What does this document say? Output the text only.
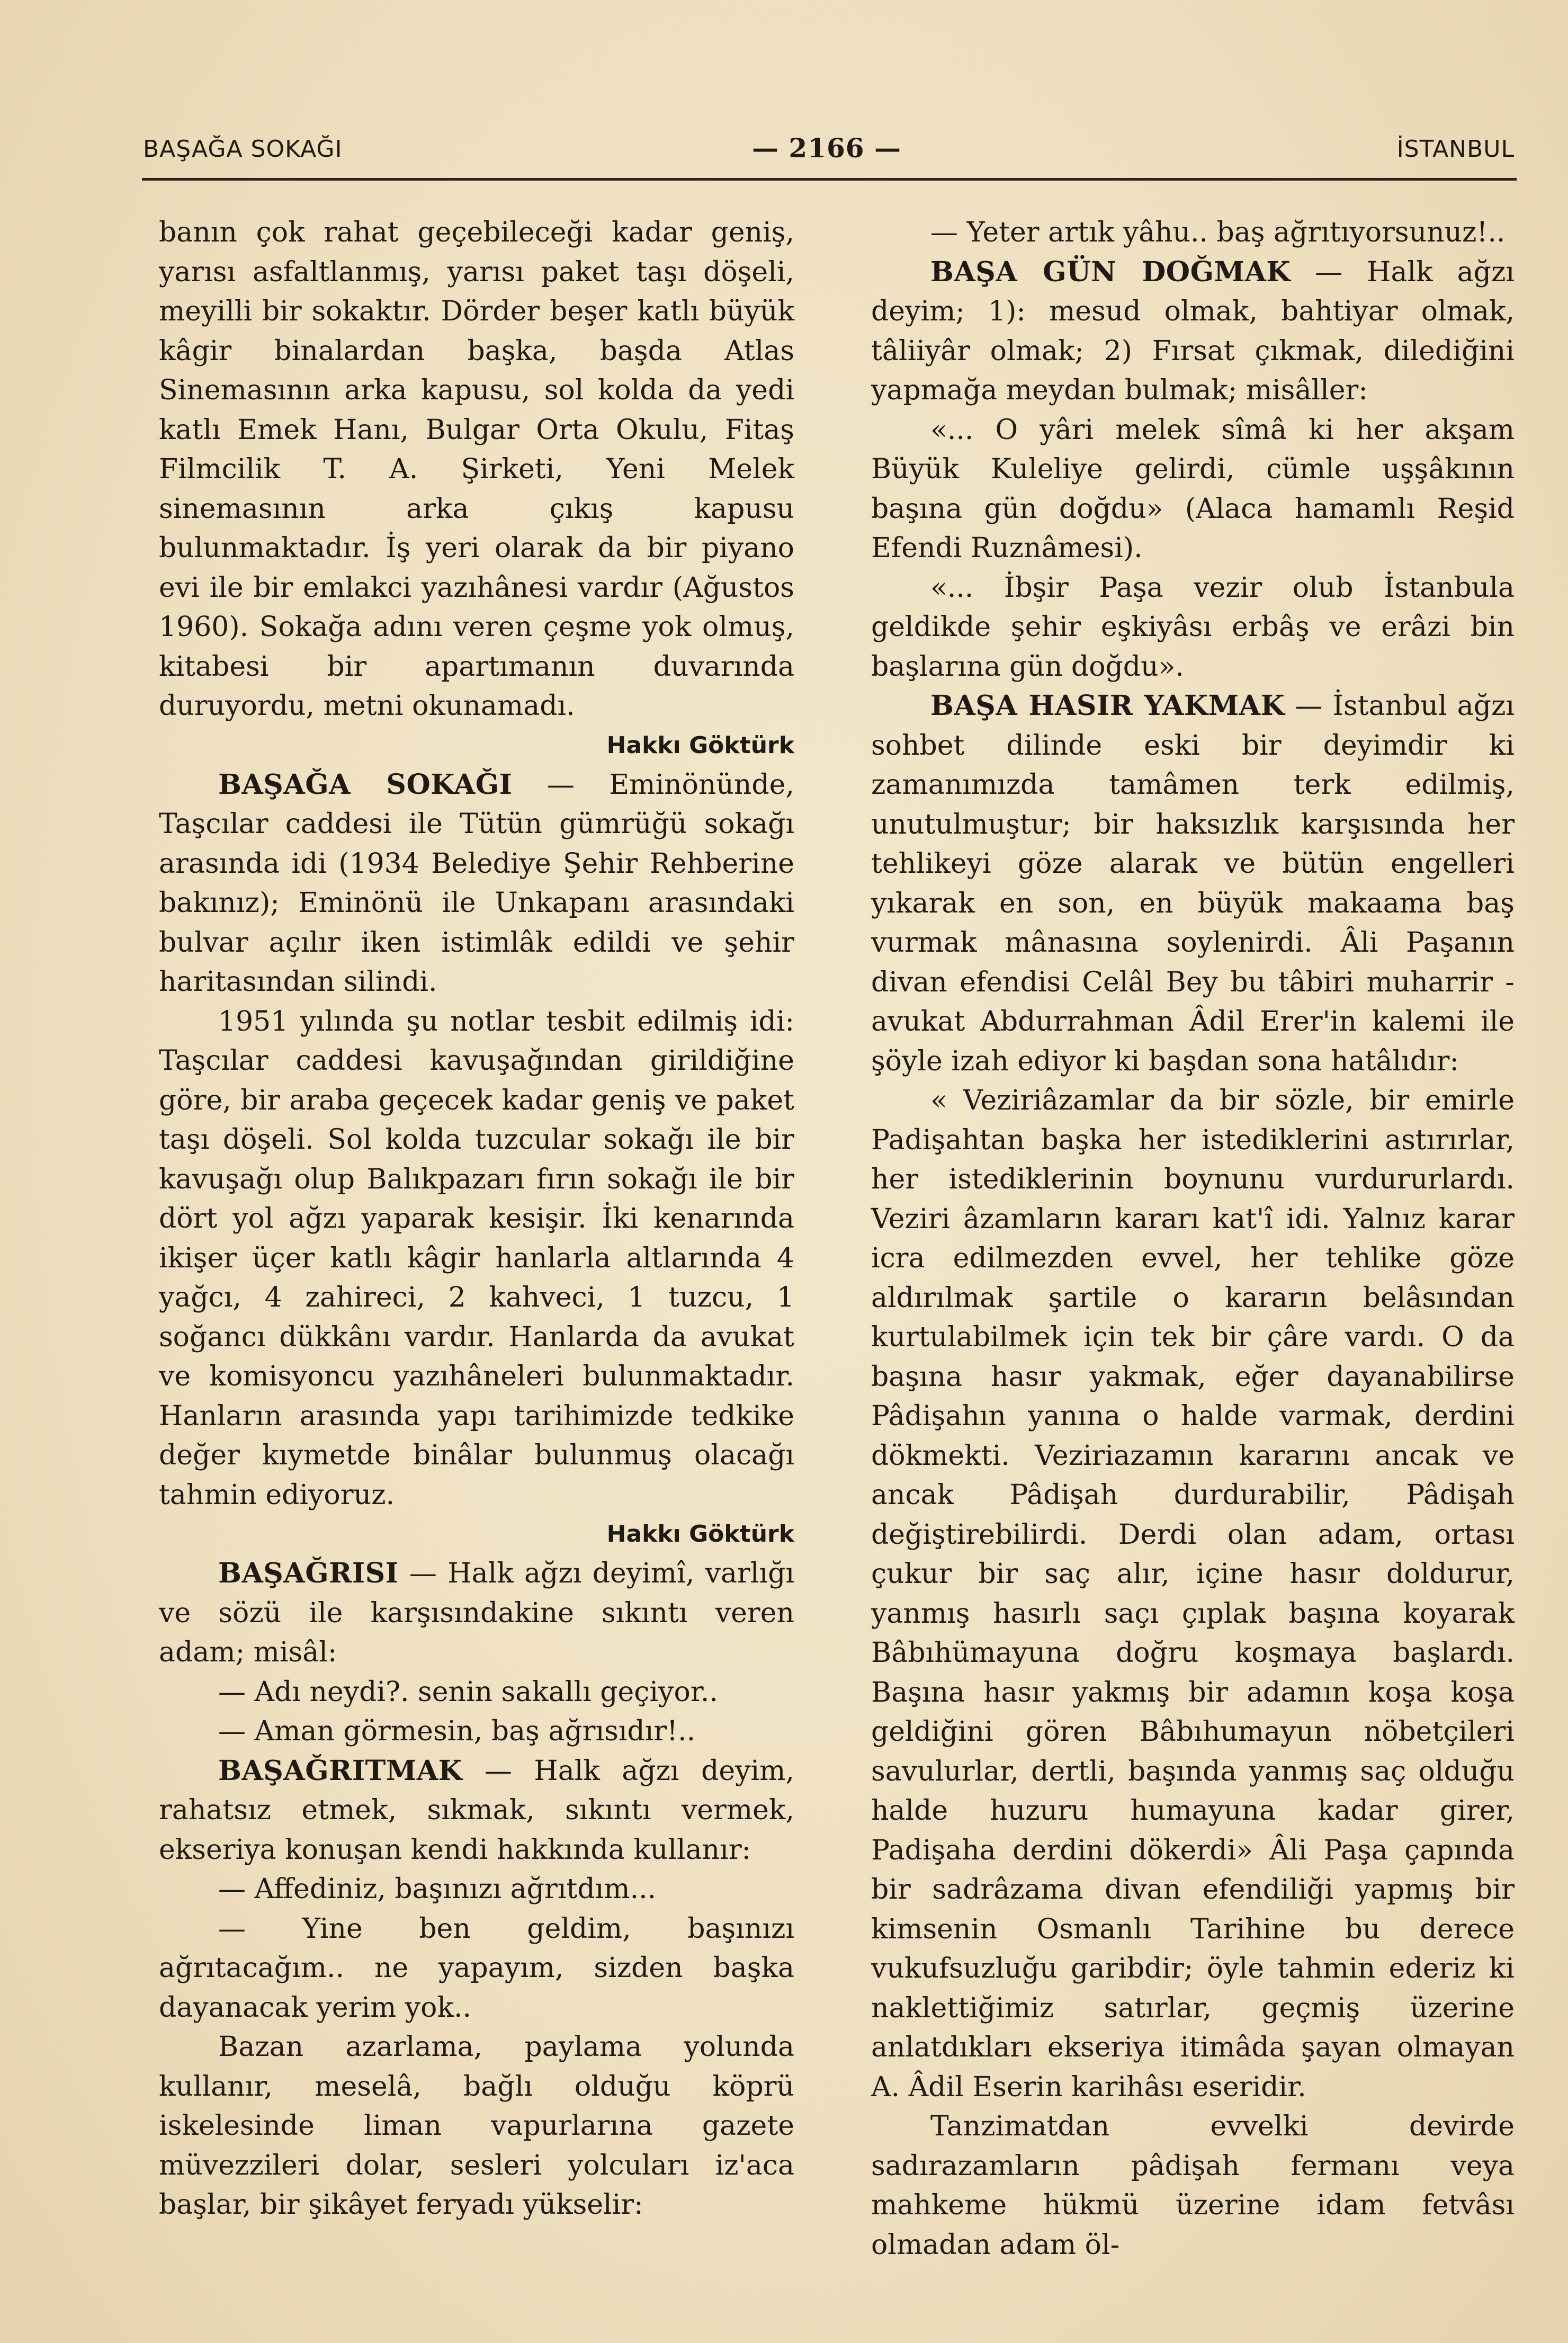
BAŞAĞA SOKAĞI	— 2166 —	İSTANBUL

banın çok rahat geçebileceği kadar geniş, yarısı asfaltlanmış, yarısı paket taşı döşeli, meyilli bir sokaktır. Dörder beşer katlı büyük kâgir binalardan başka, başda Atlas Sinemasının arka kapusu, sol kolda da yedi katlı Emek Hanı, Bulgar Orta Okulu, Fitaş Filmcilik T. A. Şirketi, Yeni Melek sinemasının arka çıkış kapusu bulunmaktadır. İş yeri olarak da bir piyano evi ile bir emlakci yazıhânesi vardır (Ağustos 1960). Sokağa adını veren çeşme yok olmuş, kitabesi bir apartımanın duvarında duruyordu, metni okunamadı.

Hakkı Göktürk

BAŞAĞA SOKAĞI — Eminönünde, Taşcılar caddesi ile Tütün gümrüğü sokağı arasında idi (1934 Belediye Şehir Rehberine bakınız); Eminönü ile Unkapanı arasındaki bulvar açılır iken istimlâk edildi ve şehir haritasından silindi.

1951 yılında şu notlar tesbit edilmiş idi: Taşcılar caddesi kavuşağından girildiğine göre, bir araba geçecek kadar geniş ve paket taşı döşeli. Sol kolda tuzcular sokağı ile bir kavuşağı olup Balıkpazarı fırın sokağı ile bir dört yol ağzı yaparak kesişir. İki kenarında ikişer üçer katlı kâgir hanlarla altlarında 4 yağcı, 4 zahireci, 2 kahveci, 1 tuzcu, 1 soğancı dükkânı vardır. Hanlarda da avukat ve komisyoncu yazıhâneleri bulunmaktadır. Hanların arasında yapı tarihimizde tedkike değer kıymetde binâlar bulunmuş olacağı tahmin ediyoruz.

Hakkı Göktürk

BAŞAĞRISI — Halk ağzı deyimî, varlığı ve sözü ile karşısındakine sıkıntı veren adam; misâl:

— Adı neydi?. senin sakallı geçiyor..

— Aman görmesin, baş ağrısıdır!..

BAŞAĞRITMAK — Halk ağzı deyim, rahatsız etmek, sıkmak, sıkıntı vermek, ekseriya konuşan kendi hakkında kullanır:

— Affediniz, başınızı ağrıtdım...

— Yine ben geldim, başınızı ağrıtacağım.. ne yapayım, sizden başka dayanacak yerim yok..

Bazan azarlama, paylama yolunda kullanır, meselâ, bağlı olduğu köprü iskelesinde liman vapurlarına gazete müvezzileri dolar, sesleri yolcuları iz'aca başlar, bir şikâyet feryadı yükselir:

— Yeter artık yâhu.. baş ağrıtıyorsunuz!..

BAŞA GÜN DOĞMAK — Halk ağzı deyim; 1): mesud olmak, bahtiyar olmak, tâliiyâr olmak; 2) Fırsat çıkmak, dilediğini yapmağa meydan bulmak; misâller:

«... O yâri melek sîmâ ki her akşam Büyük Kuleliye gelirdi, cümle uşşâkının başına gün doğdu» (Alaca hamamlı Reşid Efendi Ruznâmesi).

«... İbşir Paşa vezir olub İstanbula geldikde şehir eşkiyâsı erbâş ve erâzi bin başlarına gün doğdu».

BAŞA HASIR YAKMAK — İstanbul ağzı sohbet dilinde eski bir deyimdir ki zamanımızda tamâmen terk edilmiş, unutulmuştur; bir haksızlık karşısında her tehlikeyi göze alarak ve bütün engelleri yıkarak en son, en büyük makaama baş vurmak mânasına soylenirdi. Âli Paşanın divan efendisi Celâl Bey bu tâbiri muharrir - avukat Abdurrahman Âdil Erer'in kalemi ile şöyle izah ediyor ki başdan sona hatâlıdır:

« Veziriâzamlar da bir sözle, bir emirle Padişahtan başka her istediklerini astırırlar, her istediklerinin boynunu vurdururlardı. Veziri âzamların kararı kat'î idi. Yalnız karar icra edilmezden evvel, her tehlike göze aldırılmak şartile o kararın belâsından kurtulabilmek için tek bir çâre vardı. O da başına hasır yakmak, eğer dayanabilirse Pâdişahın yanına o halde varmak, derdini dökmekti. Veziriazamın kararını ancak ve ancak Pâdişah durdurabilir, Pâdişah değiştirebilirdi. Derdi olan adam, ortası çukur bir saç alır, içine hasır doldurur, yanmış hasırlı saçı çıplak başına koyarak Bâbıhümayuna doğru koşmaya başlardı. Başına hasır yakmış bir adamın koşa koşa geldiğini gören Bâbıhumayun nöbetçileri savulurlar, dertli, başında yanmış saç olduğu halde huzuru humayuna kadar girer, Padişaha derdini dökerdi» Âli Paşa çapında bir sadrâzama divan efendiliği yapmış bir kimsenin Osmanlı Tarihine bu derece vukufsuzluğu garibdir; öyle tahmin ederiz ki naklettiğimiz satırlar, geçmiş üzerine anlatdıkları ekseriya itimâda şayan olmayan A. Âdil Eserin karihâsı eseridir.

Tanzimatdan evvelki devirde sadırazamların pâdişah fermanı veya mahkeme hükmü üzerine idam fetvâsı olmadan adam öl-
